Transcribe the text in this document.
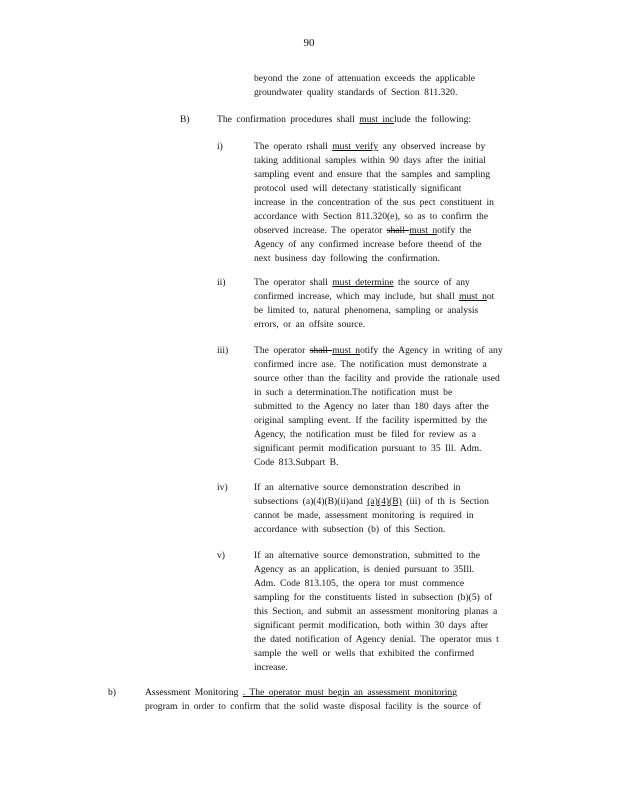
90
beyond the zone of attenuation exceeds the applicable
groundwater quality standards of Section 811.320.
B)	The confirmation procedures shall must include the following:
i)	The operato rshall must verify any observed increase by
taking additional samples within 90 days after the initial
sampling event and ensure that the samples and sampling
protocol used will detectany statistically significant
increase in the concentration of the sus pect constituent in
accordance with Section 811.320(e), so as to confirm the
observed increase. The operator shall must notify the
Agency of any confirmed increase before theend of the
next business day following the confirmation.
ii)	The operator shall must determine the source of any
confirmed increase, which may include, but shall must not
be limited to, natural phenomena, sampling or analysis
errors, or an offsite source.
iii)	The operator shall must notify the Agency in writing of any
confirmed incre ase. The notification must demonstrate a
source other than the facility and provide the rationale used
in such a determination.The notification must be
submitted to the Agency no later than 180 days after the
original sampling event. If the facility ispermitted by the
Agency, the notification must be filed for review as a
significant permit modification pursuant to 35 Ill. Adm.
Code 813.Subpart B.
iv)	If an alternative source demonstration described in
subsections (a)(4)(B)(ii)and (a)(4)(B) (iii) of th is Section
cannot be made, assessment monitoring is required in
accordance with subsection (b) of this Section.
v)	If an alternative source demonstration, submitted to the
Agency as an application, is denied pursuant to 35Ill.
Adm. Code 813.105, the opera tor must commence
sampling for the constituents listed in subsection (b)(5) of
this Section, and submit an assessment monitoring planas a
significant permit modification, both within 30 days after
the dated notification of Agency denial. The operator mus t
sample the well or wells that exhibited the confirmed
increase.
b)	Assessment Monitoring . The operator must begin an assessment monitoring
program in order to confirm that the solid waste disposal facility is the source of
